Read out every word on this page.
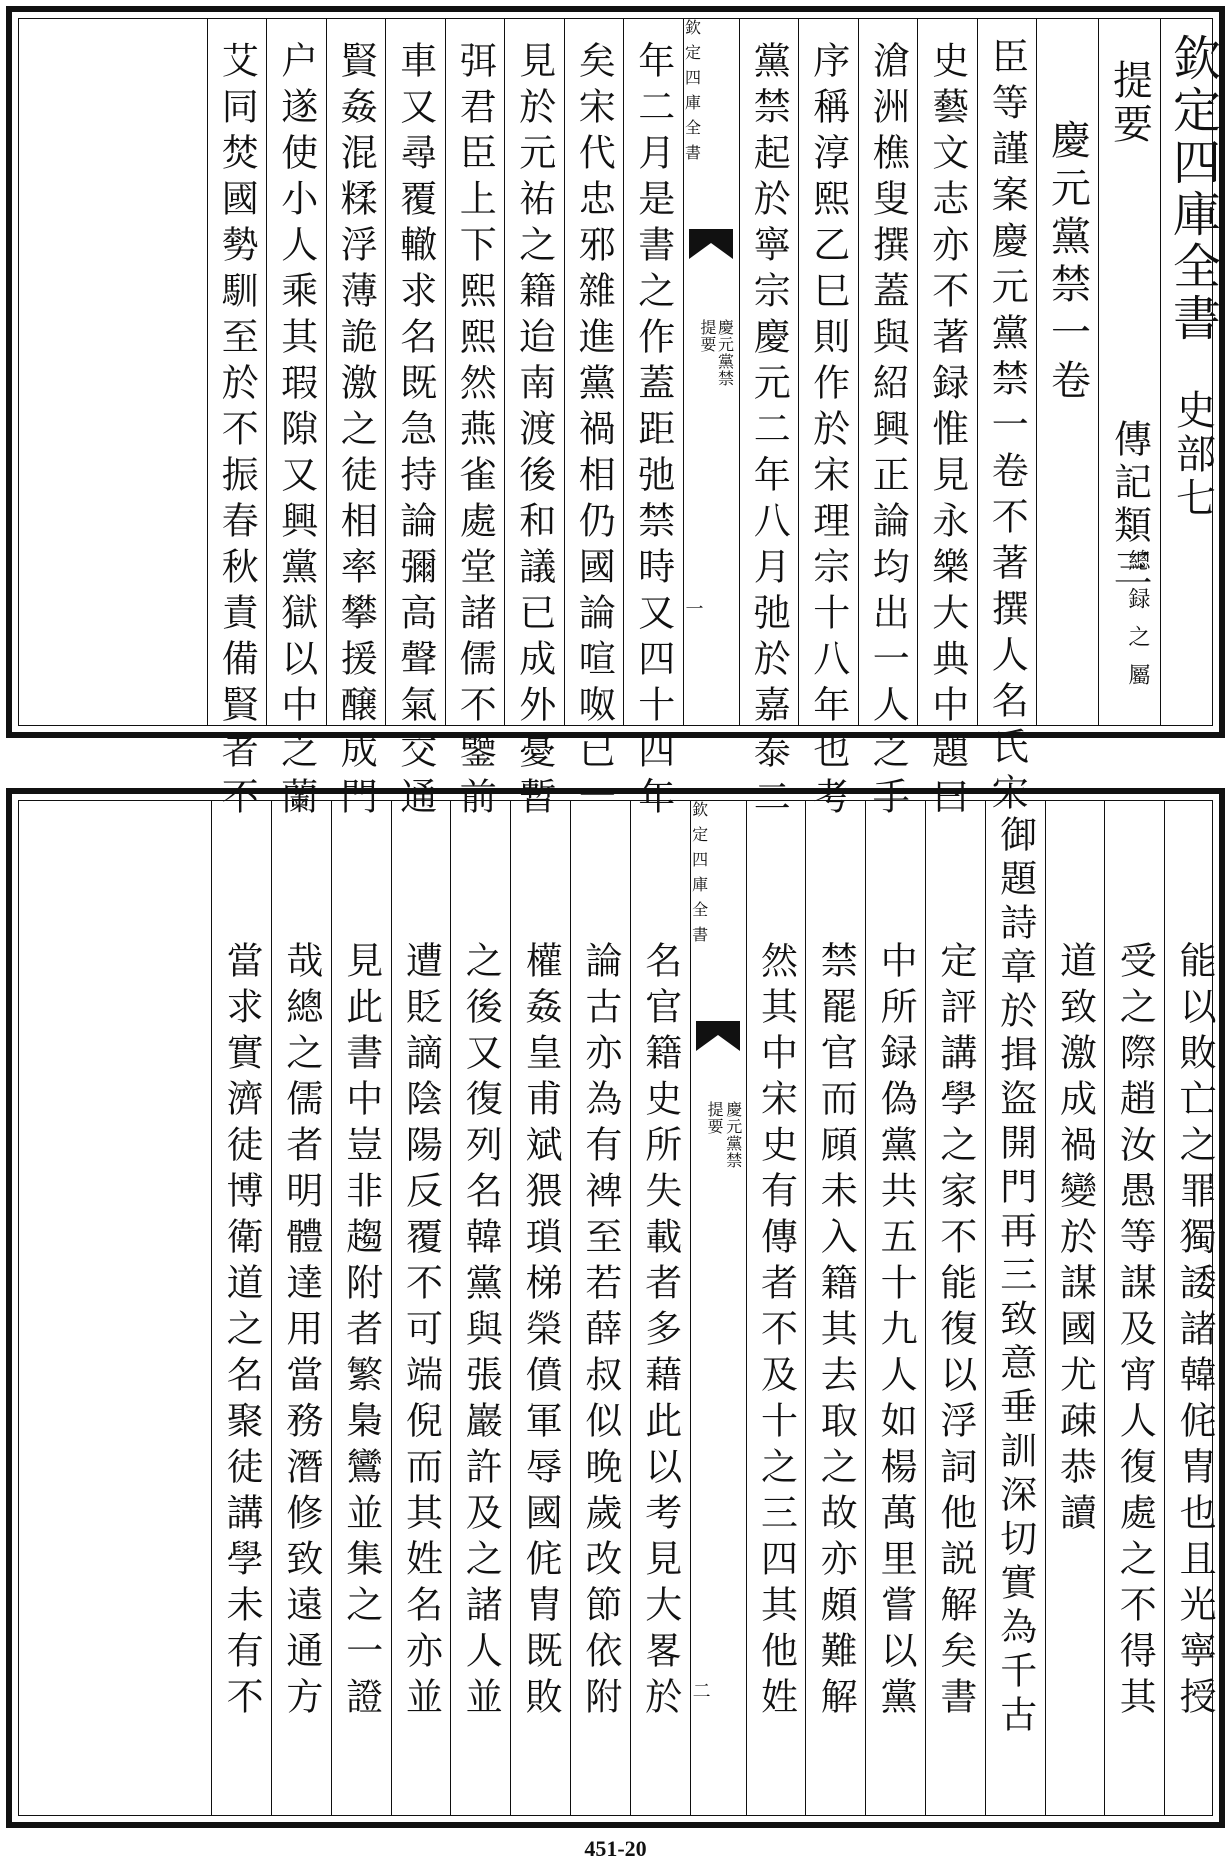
欽定四庫全書
史部七
提要
傳記類三
總録之屬
慶元黨禁一卷
臣等謹案慶元黨禁一卷不著撰人名氏宋
史藝文志亦不著録惟見永樂大典中題曰
滄洲樵叟撰蓋與紹興正論均出一人之手
序稱淳熙乙巳則作於宋理宗十八年也考
黨禁起於寧宗慶元二年八月弛於嘉泰二
欽定四庫全書
慶元黨禁
提要
一
年二月是書之作蓋距弛禁時又四十四年
矣宋代忠邪雜進黨禍相仍國論喧呶已一
見於元祐之籍迨南渡後和議已成外憂暫
弭君臣上下熙熙然燕雀處堂諸儒不鑒前
車又尋覆轍求名既急持論彌高聲氣交通
賢姦混糅浮薄詭激之徒相率攀援醸成門
户遂使小人乘其瑕隙又興黨獄以中之蘭
艾同焚國勢馴至於不振春秋責備賢者不
能以敗亡之罪獨諉諸韓侂胄也且光寧授
受之際趙汝愚等謀及宵人復處之不得其
道致激成禍變於謀國尤疎恭讀
御題詩章於揖盜開門再三致意垂訓深切實為千古
定評講學之家不能復以浮詞他説解矣書
中所録偽黨共五十九人如楊萬里嘗以黨
禁罷官而頋未入籍其去取之故亦頗難解
然其中宋史有傳者不及十之三四其他姓
欽定四庫全書
慶元黨禁
提要
二
名官籍史所失載者多藉此以考見大畧於
論古亦為有裨至若薛叔似晚歲改節依附
權姦皇甫斌猥瑣梯榮僨軍辱國侂胄既敗
之後又復列名韓黨與張巖許及之諸人並
遭貶謫陰陽反覆不可端倪而其姓名亦並
見此書中豈非趨附者繁梟鸞並集之一證
哉總之儒者明體達用當務潛修致遠通方
當求實濟徒博衛道之名聚徒講學未有不
451-20
